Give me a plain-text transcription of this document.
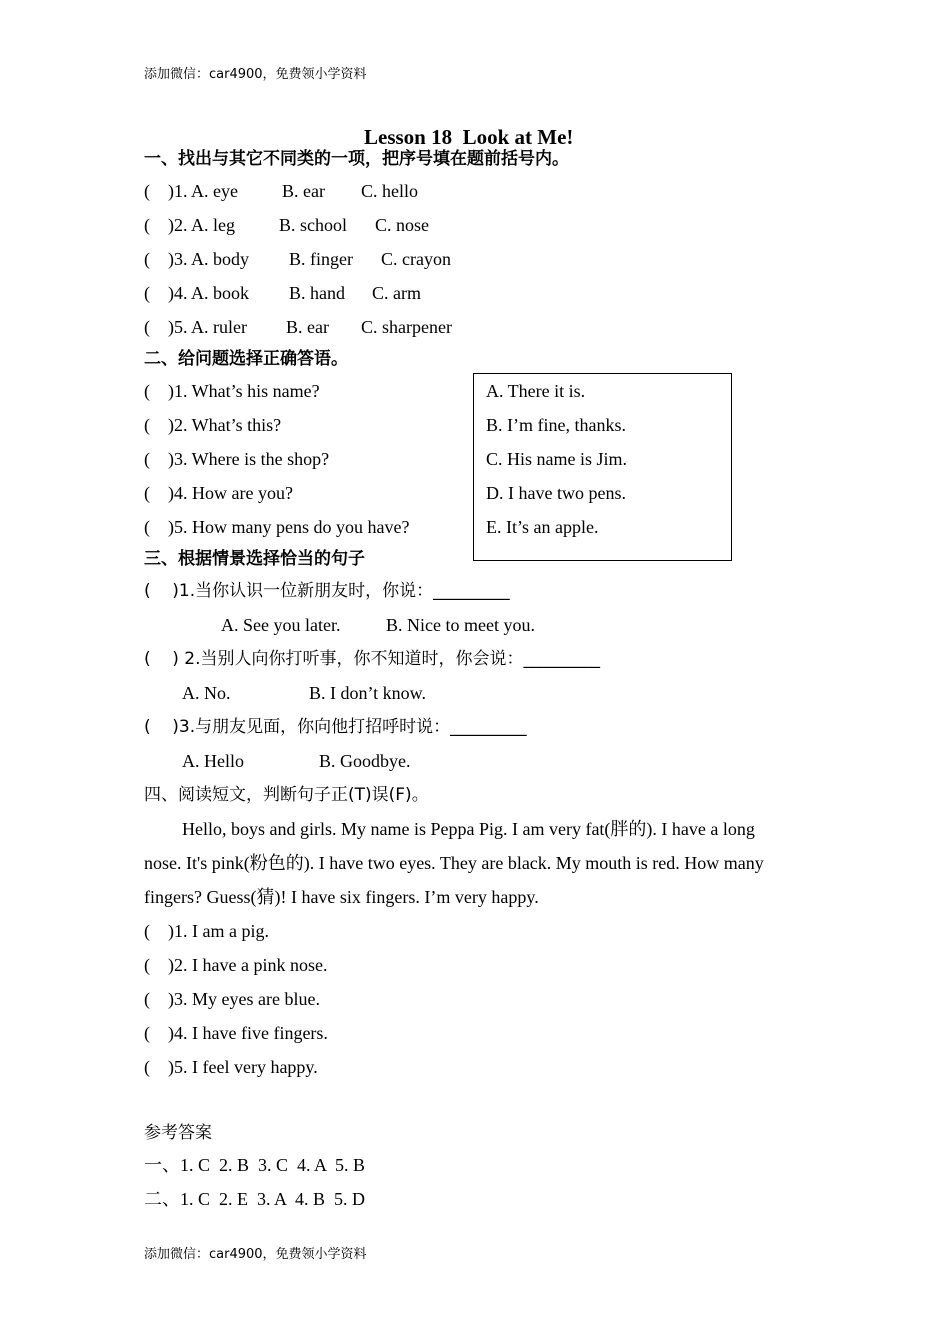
添加微信：car4900，免费领小学资料
Lesson 18  Look at Me!
一、找出与其它不同类的一项，把序号填在题前括号内。
(    )1. A. eye B. ear C. hello
(    )2. A. leg B. school C. nose
(    )3. A. body B. finger C. crayon
(    )4. A. book B. hand C. arm
(    )5. A. ruler B. ear C. sharpener
二、给问题选择正确答语。
(    )1. What’s his name?
(    )2. What’s this?
(    )3. Where is the shop?
(    )4. How are you?
(    )5. How many pens do you have?
A. There it is.
B. I’m fine, thanks.
C. His name is Jim.
D. I have two pens.
E. It’s an apple.
三、根据情景选择恰当的句子
(    )1.当你认识一位新朋友时，你说：_________
A. See you later.	B. Nice to meet you.
(    ) 2.当别人向你打听事，你不知道时，你会说：_________
A. No.	B. I don’t know.
(    )3.与朋友见面，你向他打招呼时说：_________
A. Hello	B. Goodbye.
四、阅读短文，判断句子正(T)误(F)。
Hello, boys and girls. My name is Peppa Pig. I am very fat(胖的). I have a long
nose. It's pink(粉色的). I have two eyes. They are black. My mouth is red. How many
fingers? Guess(猜)! I have six fingers. I’m very happy.
(    )1. I am a pig.
(    )2. I have a pink nose.
(    )3. My eyes are blue.
(    )4. I have five fingers.
(    )5. I feel very happy.
参考答案
一、1. C  2. B  3. C  4. A  5. B
二、1. C  2. E  3. A  4. B  5. D
添加微信：car4900，免费领小学资料
